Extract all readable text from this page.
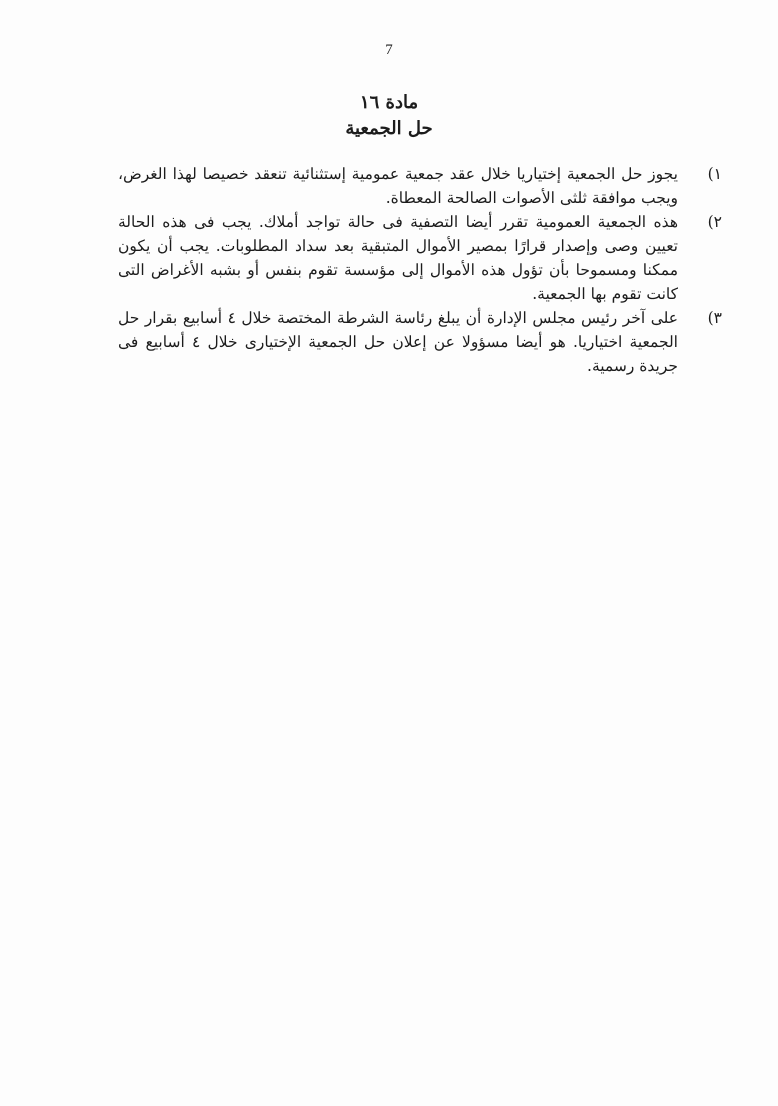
7
مادة ١٦
حل الجمعية
١)

يجوز حل الجمعية إختياريا خلال عقد جمعية عمومية إستثنائية تنعقد خصيصا لهذا الغرض، ويجب موافقة ثلثى الأصوات الصالحة المعطاة.

٢)

هذه الجمعية العمومية تقرر أيضا التصفية فى حالة تواجد أملاك. يجب فى هذه الحالة تعيين وصى وإصدار قرارًا بمصير الأموال المتبقية بعد سداد المطلوبات. يجب أن يكون ممكنا ومسموحا بأن تؤول هذه الأموال إلى مؤسسة تقوم بنفس أو بشبه الأغراض التى كانت تقوم بها الجمعية.

٣)

على آخر رئيس مجلس الإدارة أن يبلغ رئاسة الشرطة المختصة خلال ٤ أسابيع بقرار حل الجمعية اختياريا. هو أيضا مسؤولا عن إعلان حل الجمعية الإختيارى خلال ٤ أسابيع فى جريدة رسمية.
